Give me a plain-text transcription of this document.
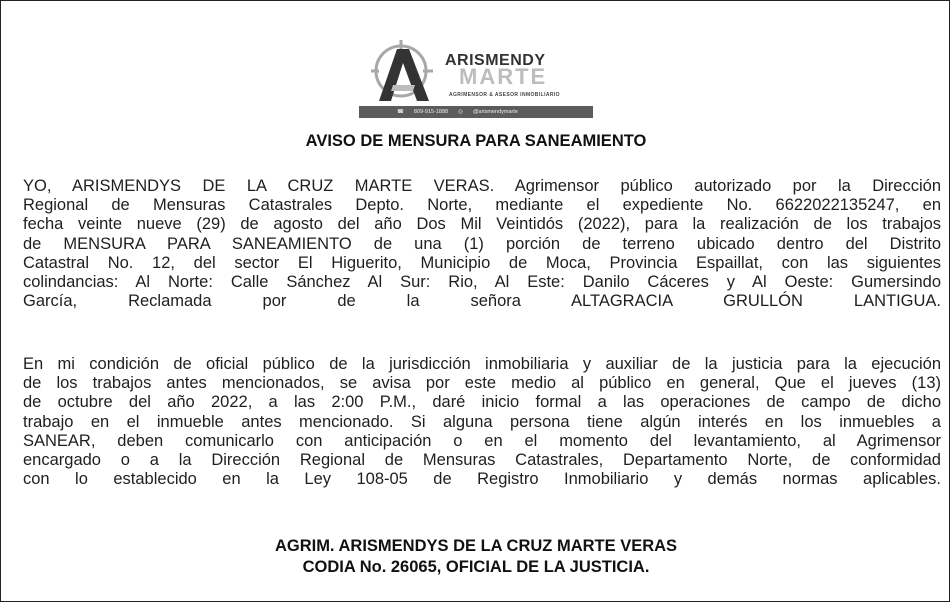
ARISMENDY
MARTE
AGRIMENSOR & ASESOR INMOBILIARIO
☎ 809-915-1888 ◎ @arismendymarte
AVISO DE MENSURA PARA SANEAMIENTO
YO, ARISMENDYS DE LA CRUZ MARTE VERAS. Agrimensor público autorizado por la Dirección
Regional de Mensuras Catastrales Depto. Norte, mediante el expediente No. 6622022135247, en
fecha veinte nueve (29) de agosto del año Dos Mil Veintidós (2022), para la realización de los trabajos
de MENSURA PARA SANEAMIENTO de una (1) porción de terreno ubicado dentro del Distrito
Catastral No. 12, del sector El Higuerito, Municipio de Moca, Provincia Espaillat, con las siguientes
colindancias: Al Norte: Calle Sánchez Al Sur: Rio, Al Este: Danilo Cáceres y Al Oeste: Gumersindo
García, Reclamada por de la señora ALTAGRACIA GRULLÓN LANTIGUA.
En mi condición de oficial público de la jurisdicción inmobiliaria y auxiliar de la justicia para la ejecución
de los trabajos antes mencionados, se avisa por este medio al público en general, Que el jueves (13)
de octubre del año 2022, a las 2:00 P.M., daré inicio formal a las operaciones de campo de dicho
trabajo en el inmueble antes mencionado. Si alguna persona tiene algún interés en los inmuebles a
SANEAR, deben comunicarlo con anticipación o en el momento del levantamiento, al Agrimensor
encargado o a la Dirección Regional de Mensuras Catastrales, Departamento Norte, de conformidad
con lo establecido en la Ley 108-05 de Registro Inmobiliario y demás normas aplicables.
AGRIM. ARISMENDYS DE LA CRUZ MARTE VERAS
CODIA No. 26065, OFICIAL DE LA JUSTICIA.
